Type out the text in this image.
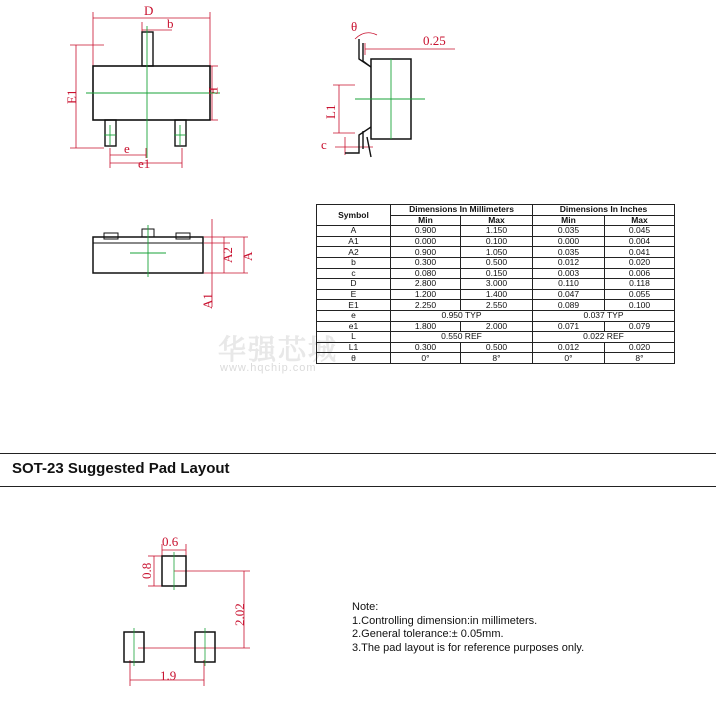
D
b
E1	E
e
e1
θ
0.25
L1
c
A2 A
A1
华强芯城
www.hqchip.com
Symbol	Dimensions In Millimeters		Dimensions In Inches	
	Min	Max	Min	Max
A	0.900	1.150	0.035	0.045
A1	0.000	0.100	0.000	0.004
A2	0.900	1.050	0.035	0.041
b	0.300	0.500	0.012	0.020
c	0.080	0.150	0.003	0.006
D	2.800	3.000	0.110	0.118
E	1.200	1.400	0.047	0.055
E1	2.250	2.550	0.089	0.100
e	0.950 TYP		0.037 TYP	
e1	1.800	2.000	0.071	0.079
L	0.550 REF		0.022 REF	
L1	0.300	0.500	0.012	0.020
θ	0°	8°	0°	8°
SOT-23 Suggested Pad Layout
0.6
0.8
2.02
1.9
Note:
1.Controlling dimension:in millimeters.
2.General tolerance:± 0.05mm.
3.The pad layout is for reference purposes only.
